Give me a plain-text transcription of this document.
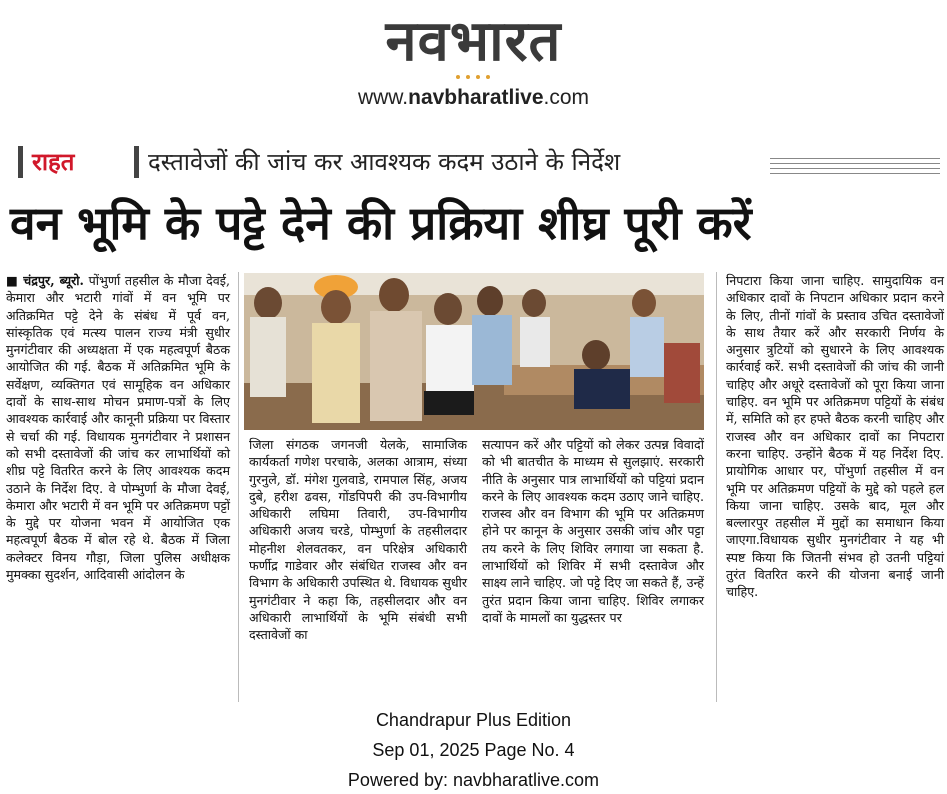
नवभारत
www.navbharatlive.com
राहत	दस्तावेजों की जांच कर आवश्यक कदम उठाने के निर्देश
वन भूमि के पट्टे देने की प्रक्रिया शीघ्र पूरी करें

■ चंद्रपुर, ब्यूरो. पोंभुर्णा तहसील के मौजा देवई, केमारा और भटारी गांवों में वन भूमि पर अतिक्रमित पट्टे देने के संबंध में पूर्व वन, सांस्कृतिक एवं मत्स्य पालन राज्य मंत्री सुधीर मुनगंटीवार की अध्यक्षता में एक महत्वपूर्ण बैठक आयोजित की गई. बैठक में अतिक्रमित भूमि के सर्वेक्षण, व्यक्तिगत एवं सामूहिक वन अधिकार दावों के साथ-साथ मोचन प्रमाण-पत्रों के लिए आवश्यक कार्रवाई और कानूनी प्रक्रिया पर विस्तार से चर्चा की गई. विधायक मुनगंटीवार ने प्रशासन को सभी दस्तावेजों की जांच कर लाभार्थियों को शीघ्र पट्टे वितरित करने के लिए आवश्यक कदम उठाने के निर्देश दिए. वे पोम्भुर्णा के मौजा देवई, केमारा और भटारी में वन भूमि पर अतिक्रमण पट्टों के मुद्दे पर योजना भवन में आयोजित एक महत्वपूर्ण बैठक में बोल रहे थे. बैठक में जिला कलेक्टर विनय गौड़ा, जिला पुलिस अधीक्षक मुमक्का सुदर्शन, आदिवासी आंदोलन के

जिला संगठक जगनजी येलके, सामाजिक कार्यकर्ता गणेश परचाके, अलका आत्राम, संध्या गुरनुले, डॉ. मंगेश गुलवाडे, रामपाल सिंह, अजय दुबे, हरीश ढवस, गोंडपिपरी की उप-विभागीय अधिकारी लघिमा तिवारी, उप-विभागीय अधिकारी अजय चरडे, पोम्भुर्णा के तहसीलदार मोहनीश शेलवतकर, वन परिक्षेत्र अधिकारी फर्णीद्र गाडेवार और संबंधित राजस्व और वन विभाग के अधिकारी उपस्थित थे. विधायक सुधीर मुनगंटीवार ने कहा कि, तहसीलदार और वन अधिकारी लाभार्थियों के भूमि संबंधी सभी दस्तावेजों का

सत्यापन करें और पट्टियों को लेकर उत्पन्न विवादों को भी बातचीत के माध्यम से सुलझाएं. सरकारी नीति के अनुसार पात्र लाभार्थियों को पट्टियां प्रदान करने के लिए आवश्यक कदम उठाए जाने चाहिए. राजस्व और वन विभाग की भूमि पर अतिक्रमण होने पर कानून के अनुसार उसकी जांच और पट्टा तय करने के लिए शिविर लगाया जा सकता है. लाभार्थियों को शिविर में सभी दस्तावेज और साक्ष्य लाने चाहिए. जो पट्टे दिए जा सकते हैं, उन्हें तुरंत प्रदान किया जाना चाहिए. शिविर लगाकर दावों के मामलों का युद्धस्तर पर

निपटारा किया जाना चाहिए. सामुदायिक वन अधिकार दावों के निपटान अधिकार प्रदान करने के लिए, तीनों गांवों के प्रस्ताव उचित दस्तावेजों के साथ तैयार करें और सरकारी निर्णय के अनुसार त्रुटियों को सुधारने के लिए आवश्यक कार्रवाई करें. सभी दस्तावेजों की जांच की जानी चाहिए और अधूरे दस्तावेजों को पूरा किया जाना चाहिए. वन भूमि पर अतिक्रमण पट्टियों के संबंध में, समिति को हर हफ्ते बैठक करनी चाहिए और राजस्व और वन अधिकार दावों का निपटारा करना चाहिए. उन्होंने बैठक में यह निर्देश दिए. प्रायोगिक आधार पर, पोंभुर्णा तहसील में वन भूमि पर अतिक्रमण पट्टियों के मुद्दे को पहले हल किया जाना चाहिए. उसके बाद, मूल और बल्लारपुर तहसील में मुद्दों का समाधान किया जाएगा.विधायक सुधीर मुनगंटीवार ने यह भी स्पष्ट किया कि जितनी संभव हो उतनी पट्टियां तुरंत वितरित करने की योजना बनाई जानी चाहिए.

Chandrapur Plus Edition
Sep 01, 2025 Page No. 4
Powered by: navbharatlive.com
